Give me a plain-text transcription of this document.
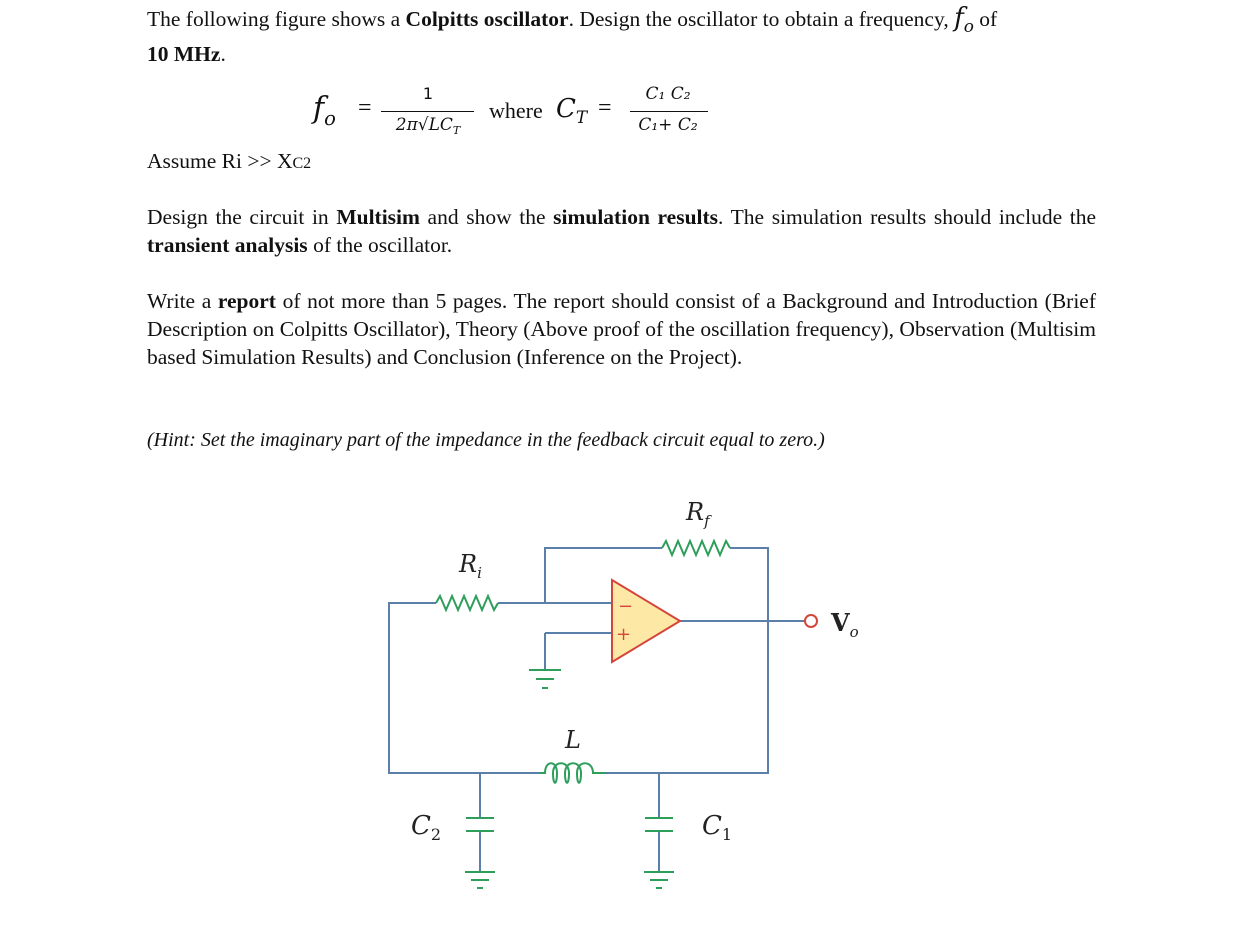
The following figure shows a Colpitts oscillator. Design the oscillator to obtain a frequency, $f_o$ of
10 MHz.

$f_o$ =
1
$2\pi√LC_T$
where $C_T$ =
C₁ C₂
C₁+ C₂

Assume Ri >> XC2

Design the circuit in Multisim and show the simulation results. The simulation results should include the transient analysis of the oscillator.

Write a report of not more than 5 pages. The report should consist of a Background and Introduction (Brief Description on Colpitts Oscillator), Theory (Above proof of the oscillation frequency), Observation (Multisim based Simulation Results) and Conclusion (Inference on the Project).

(Hint: Set the imaginary part of the impedance in the feedback circuit equal to zero.)

−
+
$R_f$
$R_i$
L
$C_2$	$C_1$
$V_o$
